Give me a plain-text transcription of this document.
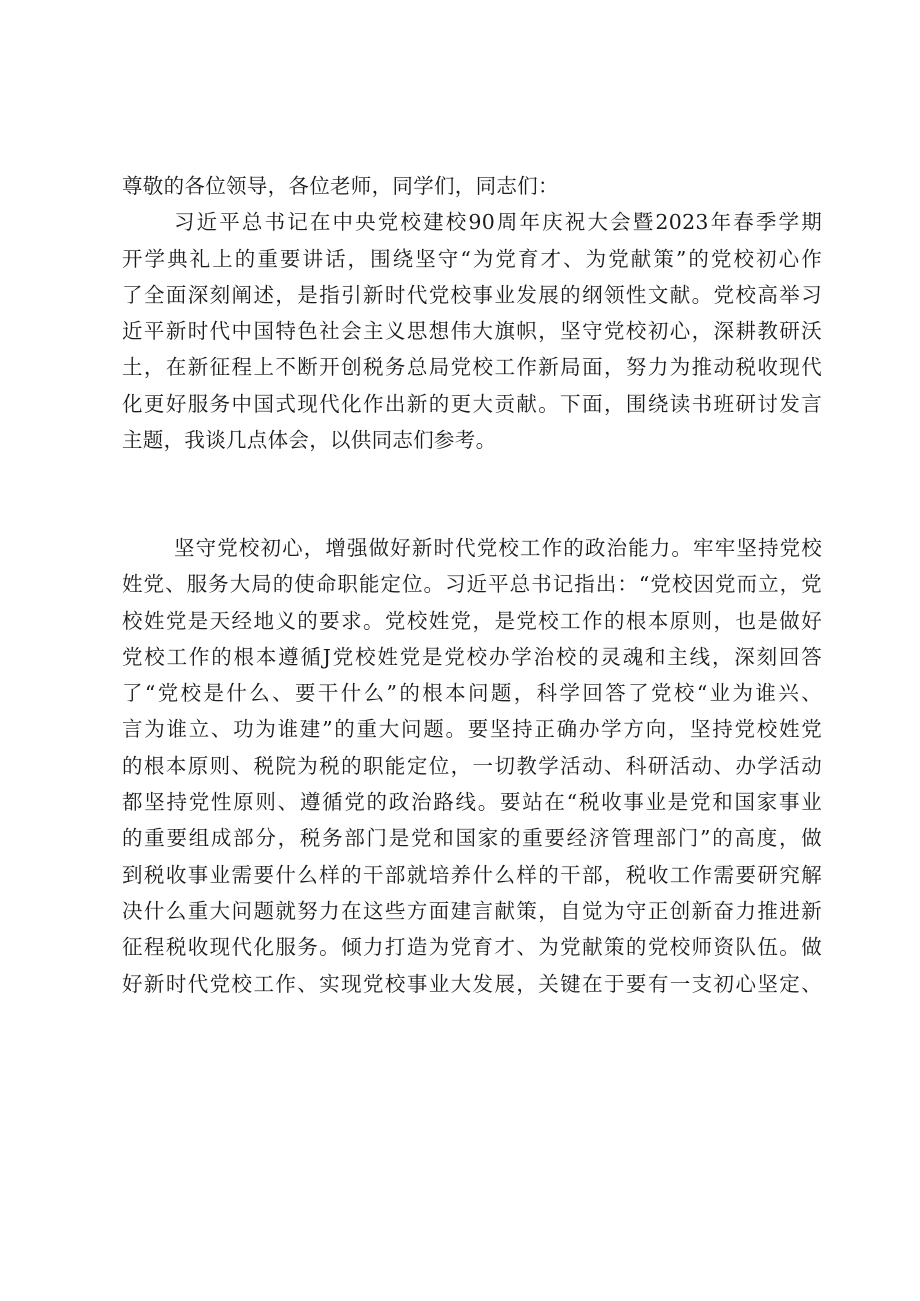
尊敬的各位领导，各位老师，同学们，同志们：
习近平总书记在中央党校建校90周年庆祝大会暨2023年春季学期
开学典礼上的重要讲话，围绕坚守“为党育才、为党献策”的党校初心作
了全面深刻阐述，是指引新时代党校事业发展的纲领性文献。党校高举习
近平新时代中国特色社会主义思想伟大旗帜，坚守党校初心，深耕教研沃
土，在新征程上不断开创税务总局党校工作新局面，努力为推动税收现代
化更好服务中国式现代化作出新的更大贡献。下面，围绕读书班研讨发言
主题，我谈几点体会，以供同志们参考。
坚守党校初心，增强做好新时代党校工作的政治能力。牢牢坚持党校
姓党、服务大局的使命职能定位。习近平总书记指出：“党校因党而立，党
校姓党是天经地义的要求。党校姓党，是党校工作的根本原则，也是做好
党校工作的根本遵循J党校姓党是党校办学治校的灵魂和主线，深刻回答
了“党校是什么、要干什么”的根本问题，科学回答了党校“业为谁兴、
言为谁立、功为谁建”的重大问题。要坚持正确办学方向，坚持党校姓党
的根本原则、税院为税的职能定位，一切教学活动、科研活动、办学活动
都坚持党性原则、遵循党的政治路线。要站在“税收事业是党和国家事业
的重要组成部分，税务部门是党和国家的重要经济管理部门”的高度，做
到税收事业需要什么样的干部就培养什么样的干部，税收工作需要研究解
决什么重大问题就努力在这些方面建言献策，自觉为守正创新奋力推进新
征程税收现代化服务。倾力打造为党育才、为党献策的党校师资队伍。做
好新时代党校工作、实现党校事业大发展，关键在于要有一支初心坚定、
